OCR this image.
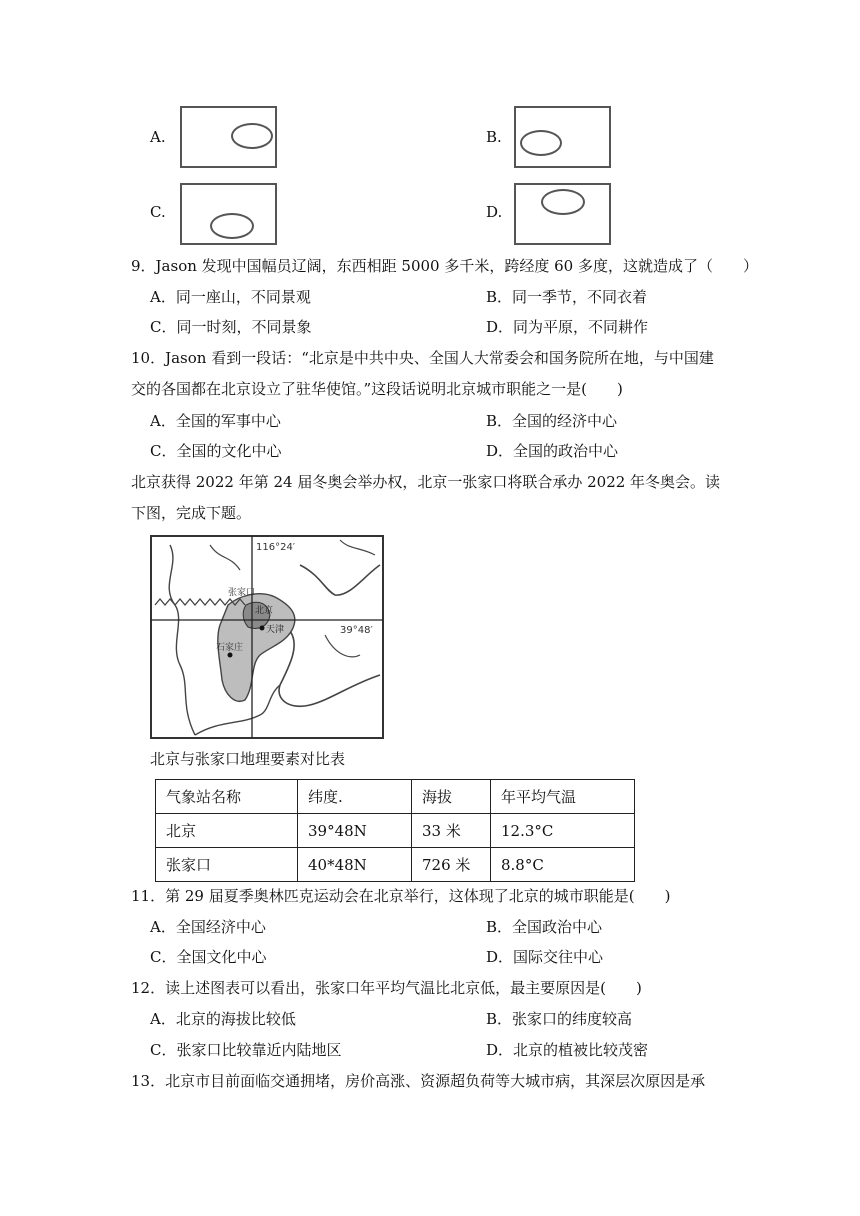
A.	B.
C.	D.
9．Jason 发现中国幅员辽阔，东西相距 5000 多千米，跨经度 60 多度，这就造成了（　　）
A．同一座山，不同景观	B．同一季节，不同衣着
C．同一时刻，不同景象	D．同为平原，不同耕作
10．Jason 看到一段话：“北京是中共中央、全国人大常委会和国务院所在地，与中国建
交的各国都在北京设立了驻华使馆。”这段话说明北京城市职能之一是(　　)
A．全国的军事中心	B．全国的经济中心
C．全国的文化中心	D．全国的政治中心
北京获得 2022 年第 24 届冬奥会举办权，北京一张家口将联合承办 2022 年冬奥会。读
下图，完成下题。
116°24′
39°48′
张家口
北京
天津
石家庄
北京与张家口地理要素对比表
气象站名称	纬度.	海拔	年平均气温
北京	39°48N	33 米	12.3°C
张家口	40*48N	726 米	8.8°C
11．第 29 届夏季奥林匹克运动会在北京举行，这体现了北京的城市职能是(　　)
A．全国经济中心	B．全国政治中心
C．全国文化中心	D．国际交往中心
12．读上述图表可以看出，张家口年平均气温比北京低，最主要原因是(　　)
A．北京的海拔比较低	B．张家口的纬度较高
C．张家口比较靠近内陆地区	D．北京的植被比较茂密
13．北京市目前面临交通拥堵，房价高涨、资源超负荷等大城市病，其深层次原因是承
